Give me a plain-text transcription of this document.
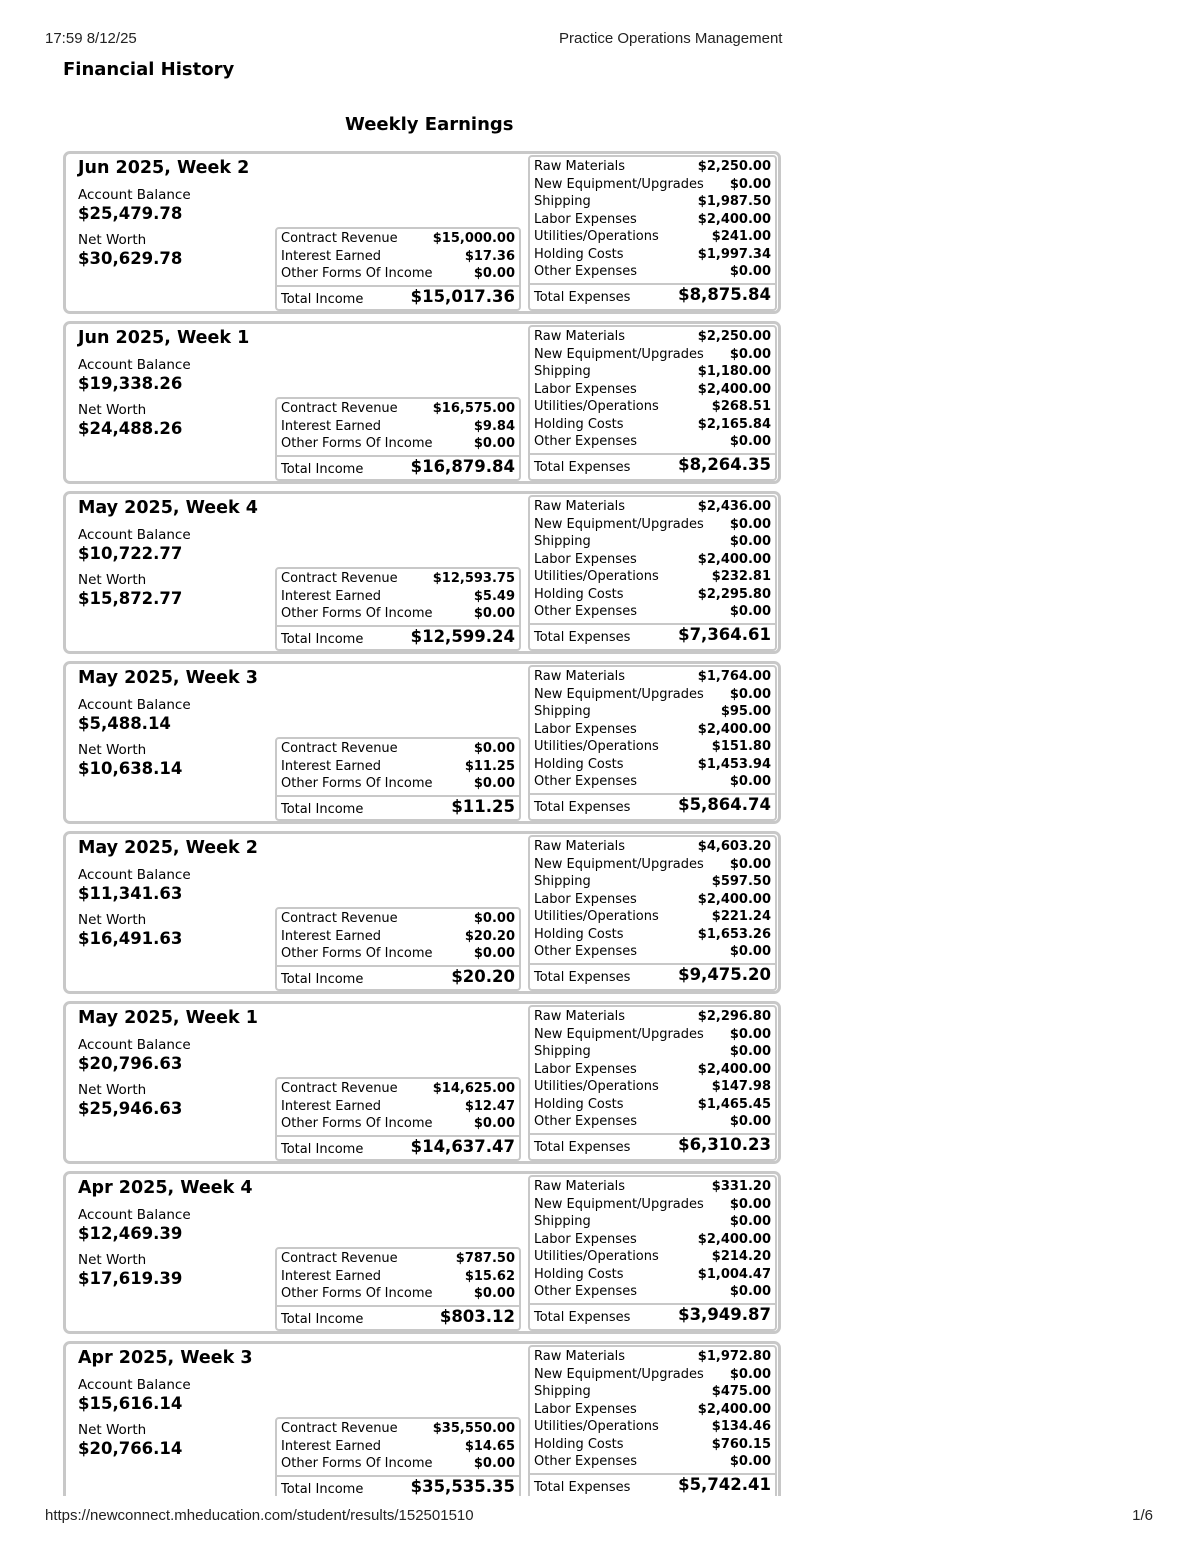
17:59 8/12/25	Practice Operations Management
Financial History
Weekly Earnings
Jun 2025, Week 2
Account Balance
$25,479.78
Net Worth
$30,629.78
Contract Revenue	$15,000.00
Interest Earned	$17.36
Other Forms Of Income	$0.00
Total Income	$15,017.36
Raw Materials	$2,250.00
New Equipment/Upgrades $0.00
Shipping	$1,987.50
Labor Expenses	$2,400.00
Utilities/Operations	$241.00
Holding Costs	$1,997.34
Other Expenses	$0.00
Total Expenses	$8,875.84
Jun 2025, Week 1
Account Balance
$19,338.26
Net Worth
$24,488.26
Contract Revenue	$16,575.00
Interest Earned	$9.84
Other Forms Of Income	$0.00
Total Income	$16,879.84
Raw Materials	$2,250.00
New Equipment/Upgrades $0.00
Shipping	$1,180.00
Labor Expenses	$2,400.00
Utilities/Operations	$268.51
Holding Costs	$2,165.84
Other Expenses	$0.00
Total Expenses	$8,264.35
May 2025, Week 4
Account Balance
$10,722.77
Net Worth
$15,872.77
Contract Revenue	$12,593.75
Interest Earned	$5.49
Other Forms Of Income	$0.00
Total Income	$12,599.24
Raw Materials	$2,436.00
New Equipment/Upgrades $0.00
Shipping	$0.00
Labor Expenses	$2,400.00
Utilities/Operations	$232.81
Holding Costs	$2,295.80
Other Expenses	$0.00
Total Expenses	$7,364.61
May 2025, Week 3
Account Balance
$5,488.14
Net Worth
$10,638.14
Contract Revenue	$0.00
Interest Earned	$11.25
Other Forms Of Income	$0.00
Total Income	$11.25
Raw Materials	$1,764.00
New Equipment/Upgrades $0.00
Shipping	$95.00
Labor Expenses	$2,400.00
Utilities/Operations	$151.80
Holding Costs	$1,453.94
Other Expenses	$0.00
Total Expenses	$5,864.74
May 2025, Week 2
Account Balance
$11,341.63
Net Worth
$16,491.63
Contract Revenue	$0.00
Interest Earned	$20.20
Other Forms Of Income	$0.00
Total Income	$20.20
Raw Materials	$4,603.20
New Equipment/Upgrades $0.00
Shipping	$597.50
Labor Expenses	$2,400.00
Utilities/Operations	$221.24
Holding Costs	$1,653.26
Other Expenses	$0.00
Total Expenses	$9,475.20
May 2025, Week 1
Account Balance
$20,796.63
Net Worth
$25,946.63
Contract Revenue	$14,625.00
Interest Earned	$12.47
Other Forms Of Income	$0.00
Total Income	$14,637.47
Raw Materials	$2,296.80
New Equipment/Upgrades $0.00
Shipping	$0.00
Labor Expenses	$2,400.00
Utilities/Operations	$147.98
Holding Costs	$1,465.45
Other Expenses	$0.00
Total Expenses	$6,310.23
Apr 2025, Week 4
Account Balance
$12,469.39
Net Worth
$17,619.39
Contract Revenue	$787.50
Interest Earned	$15.62
Other Forms Of Income	$0.00
Total Income	$803.12
Raw Materials	$331.20
New Equipment/Upgrades $0.00
Shipping	$0.00
Labor Expenses	$2,400.00
Utilities/Operations	$214.20
Holding Costs	$1,004.47
Other Expenses	$0.00
Total Expenses	$3,949.87
Apr 2025, Week 3
Account Balance
$15,616.14
Net Worth
$20,766.14
Contract Revenue	$35,550.00
Interest Earned	$14.65
Other Forms Of Income	$0.00
Total Income	$35,535.35
Raw Materials	$1,972.80
New Equipment/Upgrades $0.00
Shipping	$475.00
Labor Expenses	$2,400.00
Utilities/Operations	$134.46
Holding Costs	$760.15
Other Expenses	$0.00
Total Expenses	$5,742.41
https://newconnect.mheducation.com/student/results/152501510	1/6
